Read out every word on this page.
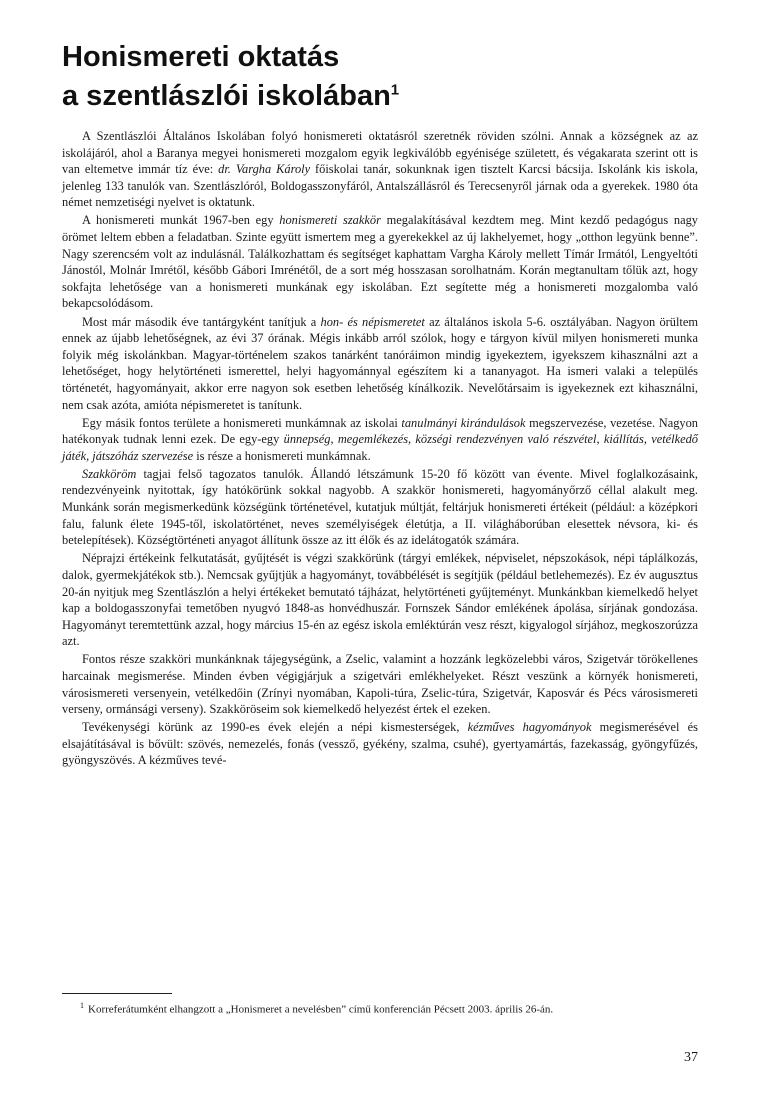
Honismereti oktatás
a szentlászlói iskolában$^1$

A Szentlászlói Általános Iskolában folyó honismereti oktatásról szeretnék röviden szólni. Annak a községnek az az iskolájáról, ahol a Baranya megyei honismereti mozgalom egyik legkiválóbb egyénisége született, és végakarata szerint ott is van eltemetve immár tíz éve: dr. Vargha Károly főiskolai tanár, sokunknak igen tisztelt Karcsi bácsija. Iskolánk kis iskola, jelenleg 133 tanulók van. Szentlászlóról, Boldogasszonyfáról, Antalszállásról és Terecsenyről járnak oda a gyerekek. 1980 óta német nemzetiségi nyelvet is oktatunk.

A honismereti munkát 1967-ben egy honismereti szakkör megalakításával kezdtem meg. Mint kezdő pedagógus nagy örömet leltem ebben a feladatban. Szinte együtt ismertem meg a gyerekekkel az új lakhelyemet, hogy „otthon legyünk benne”. Nagy szerencsém volt az indulásnál. Találkozhattam és segítséget kaphattam Vargha Károly mellett Tímár Irmától, Lengyeltóti Jánostól, Molnár Imrétől, később Gábori Imrénétől, de a sort még hosszasan sorolhatnám. Korán megtanultam tőlük azt, hogy sokfajta lehetősége van a honismereti munkának egy iskolában. Ezt segítette még a honismereti mozgalomba való bekapcsolódásom.

Most már második éve tantárgyként tanítjuk a hon- és népismeretet az általános iskola 5-6. osztályában. Nagyon örültem ennek az újabb lehetőségnek, az évi 37 órának. Mégis inkább arról szólok, hogy e tárgyon kívül milyen honismereti munka folyik még iskolánkban. Magyar-történelem szakos tanárként tanóráimon mindig igyekeztem, igyekszem kihasználni azt a lehetőséget, hogy helytörténeti ismerettel, helyi hagyománnyal egészítem ki a tananyagot. Ha ismeri valaki a település történetét, hagyományait, akkor erre nagyon sok esetben lehetőség kínálkozik. Nevelőtársaim is igyekeznek ezt kihasználni, nem csak azóta, amióta népismeretet is tanítunk.

Egy másik fontos területe a honismereti munkámnak az iskolai tanulmányi kirándulások megszervezése, vezetése. Nagyon hatékonyak tudnak lenni ezek. De egy-egy ünnepség, megemlékezés, községi rendezvényen való részvétel, kiállítás, vetélkedő játék, játszóház szervezése is része a honismereti munkámnak.

Szakköröm tagjai felső tagozatos tanulók. Állandó létszámunk 15-20 fő között van évente. Mivel foglalkozásaink, rendezvényeink nyitottak, így hatókörünk sokkal nagyobb. A szakkör honismereti, hagyományőrző céllal alakult meg. Munkánk során megismerkedünk községünk történetével, kutatjuk múltját, feltárjuk honismereti értékeit (például: a középkori falu, falunk élete 1945-től, iskolatörténet, neves személyiségek életútja, a II. világháborúban elesettek névsora, ki- és betelepítések). Községtörténeti anyagot állítunk össze az itt élők és az idelátogatók számára.

Néprajzi értékeink felkutatását, gyűjtését is végzi szakkörünk (tárgyi emlékek, népviselet, népszokások, népi táplálkozás, dalok, gyermekjátékok stb.). Nemcsak gyűjtjük a hagyományt, továbbélését is segítjük (például betlehemezés). Ez év augusztus 20-án nyitjuk meg Szentlászlón a helyi értékeket bemutató tájházat, helytörténeti gyűjteményt. Munkánkban kiemelkedő helyet kap a boldogasszonyfai temetőben nyugvó 1848-as honvédhuszár. Fornszek Sándor emlékének ápolása, sírjának gondozása. Hagyományt teremtettünk azzal, hogy március 15-én az egész iskola emléktúrán vesz részt, kigyalogol sírjához, megkoszorúzza azt.

Fontos része szakköri munkánknak tájegységünk, a Zselic, valamint a hozzánk legközelebbi város, Szigetvár törökellenes harcainak megismerése. Minden évben végigjárjuk a szigetvári emlékhelyeket. Részt veszünk a környék honismereti, városismereti versenyein, vetélkedőin (Zrínyi nyomában, Kapoli-túra, Zselic-túra, Szigetvár, Kaposvár és Pécs városismereti verseny, ormánsági verseny). Szakköröseim sok kiemelkedő helyezést értek el ezeken.

Tevékenységi körünk az 1990-es évek elején a népi kismesterségek, kézműves hagyományok megismerésével és elsajátításával is bővült: szövés, nemezelés, fonás (vessző, gyékény, szalma, csuhé), gyertyamártás, fazekasság, gyöngyfűzés, gyöngyszövés. A kézműves tevé-

$^1$ Korreferátumként elhangzott a „Honismeret a nevelésben” című konferencián Pécsett 2003. április 26-án.
37
